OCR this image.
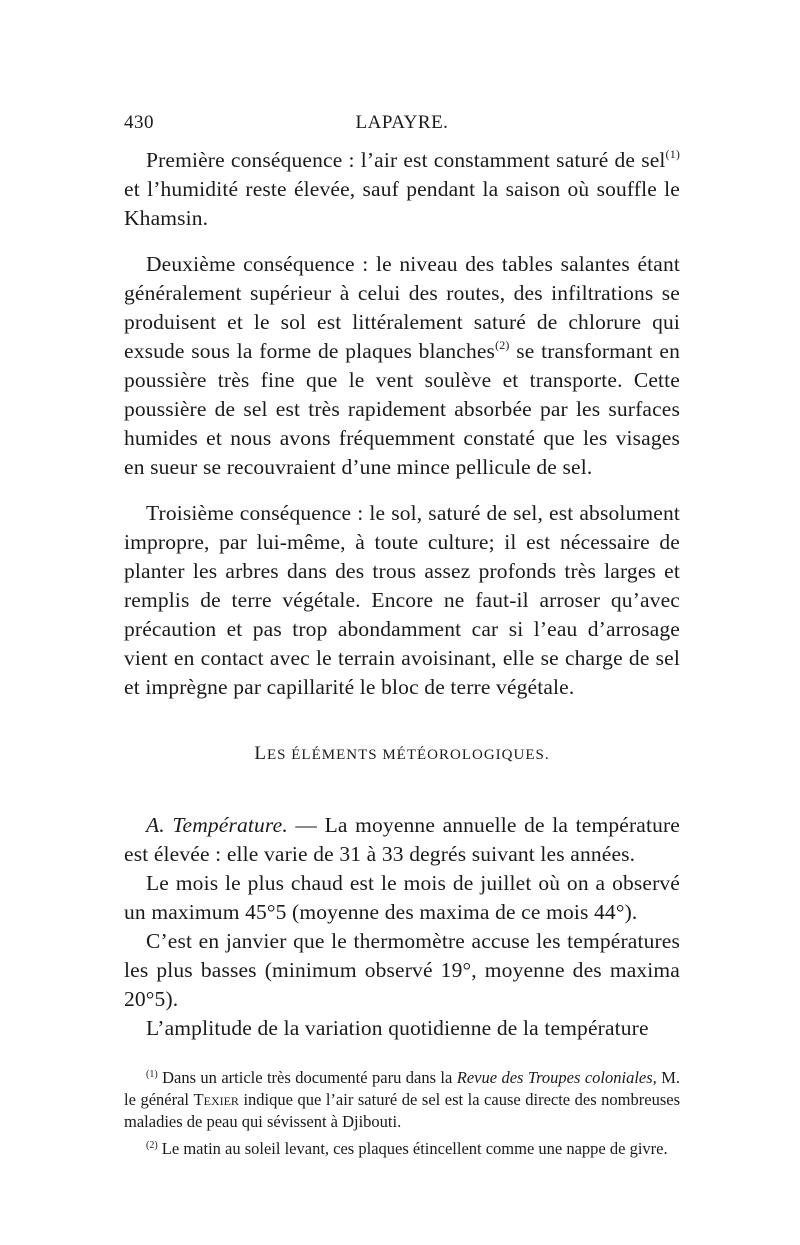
430	LAPAYRE.

Première conséquence : l’air est constamment saturé de sel$^{(1)}$ et l’humidité reste élevée, sauf pendant la saison où souffle le Khamsin.

Deuxième conséquence : le niveau des tables salantes étant généralement supérieur à celui des routes, des infiltrations se produisent et le sol est littéralement saturé de chlorure qui exsude sous la forme de plaques blanches$^{(2)}$ se transformant en poussière très fine que le vent soulève et transporte. Cette poussière de sel est très rapidement absorbée par les surfaces humides et nous avons fréquemment constaté que les visages en sueur se recouvraient d’une mince pellicule de sel.

Troisième conséquence : le sol, saturé de sel, est absolument impropre, par lui-même, à toute culture; il est nécessaire de planter les arbres dans des trous assez profonds très larges et remplis de terre végétale. Encore ne faut-il arroser qu’avec précaution et pas trop abondamment car si l’eau d’arrosage vient en contact avec le terrain avoisinant, elle se charge de sel et imprègne par capillarité le bloc de terre végétale.

LES ÉLÉMENTS MÉTÉOROLOGIQUES.

A. Température. — La moyenne annuelle de la température est élevée : elle varie de 31 à 33 degrés suivant les années.

Le mois le plus chaud est le mois de juillet où on a observé un maximum 45°5 (moyenne des maxima de ce mois 44°).

C’est en janvier que le thermomètre accuse les températures les plus basses (minimum observé 19°, moyenne des maxima 20°5).

L’amplitude de la variation quotidienne de la température

$^{(1)}$ Dans un article très documenté paru dans la Revue des Troupes coloniales, M. le général Texier indique que l’air saturé de sel est la cause directe des nombreuses maladies de peau qui sévissent à Djibouti.

$^{(2)}$ Le matin au soleil levant, ces plaques étincellent comme une nappe de givre.
